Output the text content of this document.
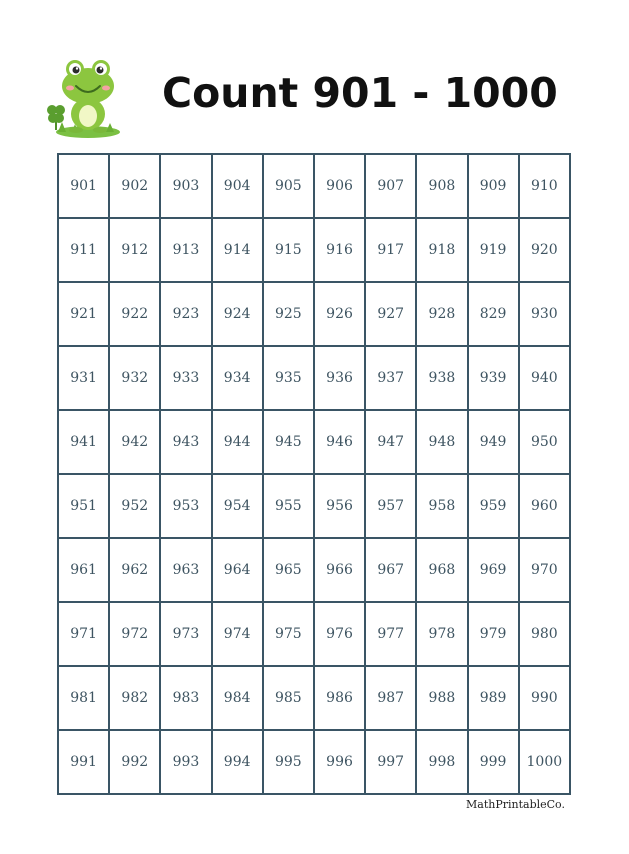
Count 901 - 1000
901	902	903	904	905	906	907	908	909	910
911	912	913	914	915	916	917	918	919	920
921	922	923	924	925	926	927	928	829	930
931	932	933	934	935	936	937	938	939	940
941	942	943	944	945	946	947	948	949	950
951	952	953	954	955	956	957	958	959	960
961	962	963	964	965	966	967	968	969	970
971	972	973	974	975	976	977	978	979	980
981	982	983	984	985	986	987	988	989	990
991	992	993	994	995	996	997	998	999	1000
MathPrintableCo.
